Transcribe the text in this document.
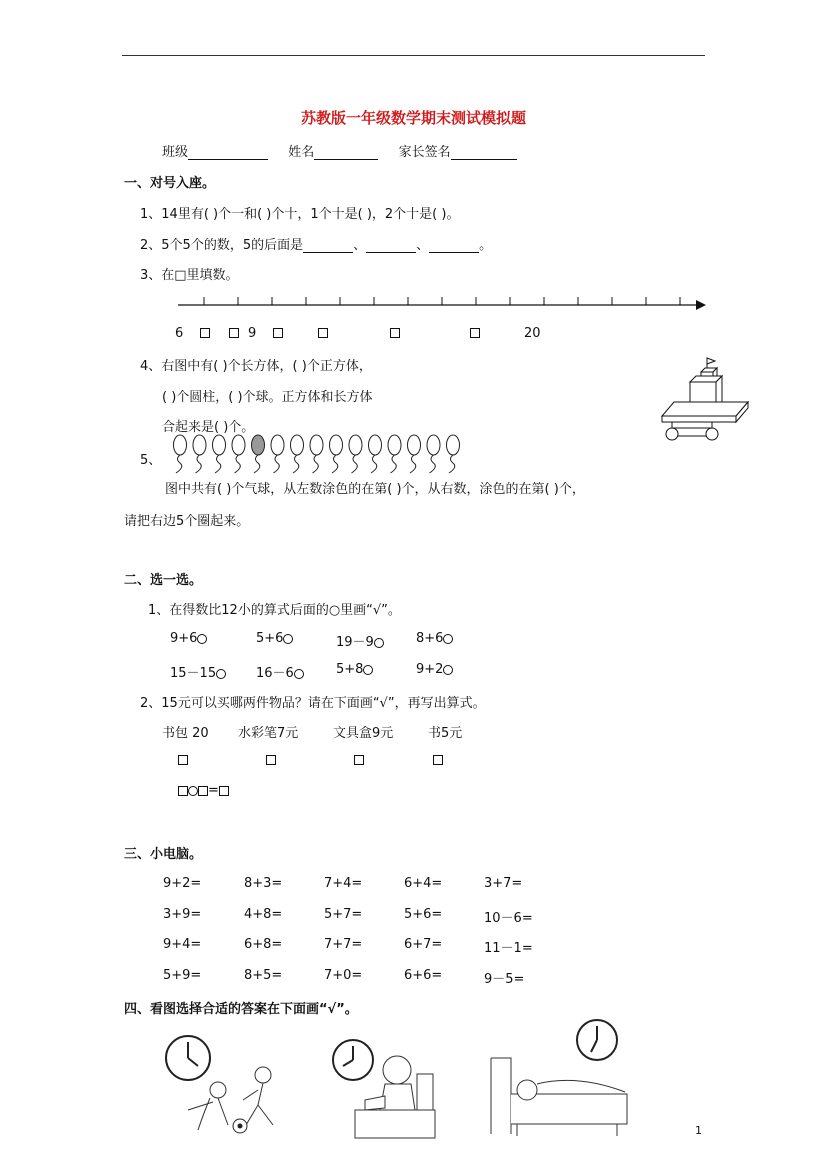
苏教版一年级数学期末测试模拟题
班级	姓名	家长签名
一、对号入座。
1、14里有( )个一和( )个十，1个十是( )，2个十是( )。
2、5个5个的数，5的后面是	、	、	。
3、在□里填数。
6	9	20
4、右图中有( )个长方体，( )个正方体，
( )个圆柱，( )个球。正方体和长方体
合起来是( )个。
5、
图中共有( )个气球，从左数涂色的在第( )个，从右数，涂色的在第( )个，
请把右边5个圈起来。
二、选一选。
1、在得数比12小的算式后面的○里画“√”。
9+6	5+6	19－9	8+6
15－15	16－6	5+8	9+2
2、15元可以买哪两件物品？请在下面画“√”，再写出算式。
书包 20 水彩笔7元	文具盒9元	书5元
=
三、小电脑。
9+2=	8+3=	7+4=	6+4=	3+7=
3+9=	4+8=	5+7=	5+6=	10－6=
9+4=	6+8=	7+7=	6+7=	11－1=
5+9=	8+5=	7+0=	6+6=	9－5=
四、看图选择合适的答案在下面画“√”。
1
